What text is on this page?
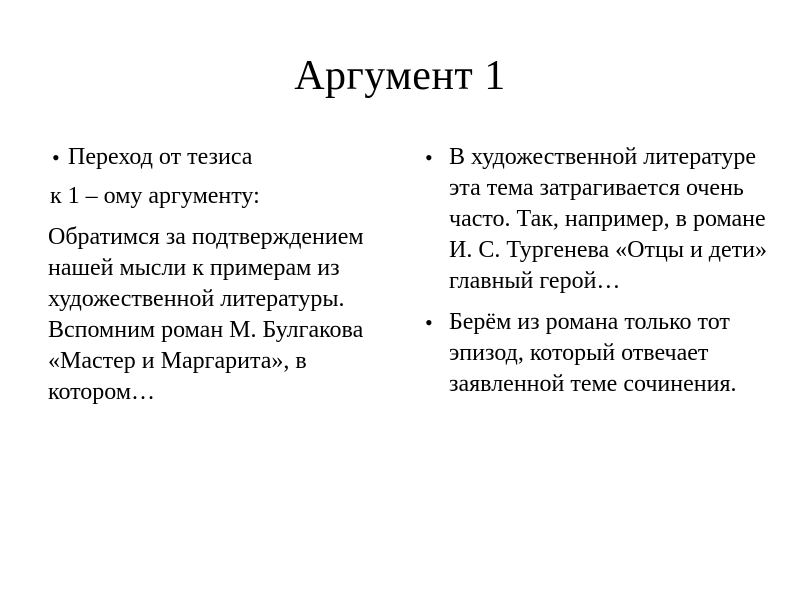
Аргумент 1
• Переход от тезиса
к 1 – ому аргументу:
Обратимся за подтверждением нашей мысли к примерам из художественной литературы. Вспомним роман М. Булгакова «Мастер и Маргарита», в котором…
• В художественной литературе эта тема затрагивается очень часто. Так, например, в романе И. С. Тургенева «Отцы и дети» главный герой…
• Берём из романа только тот эпизод, который отвечает заявленной теме сочинения.
